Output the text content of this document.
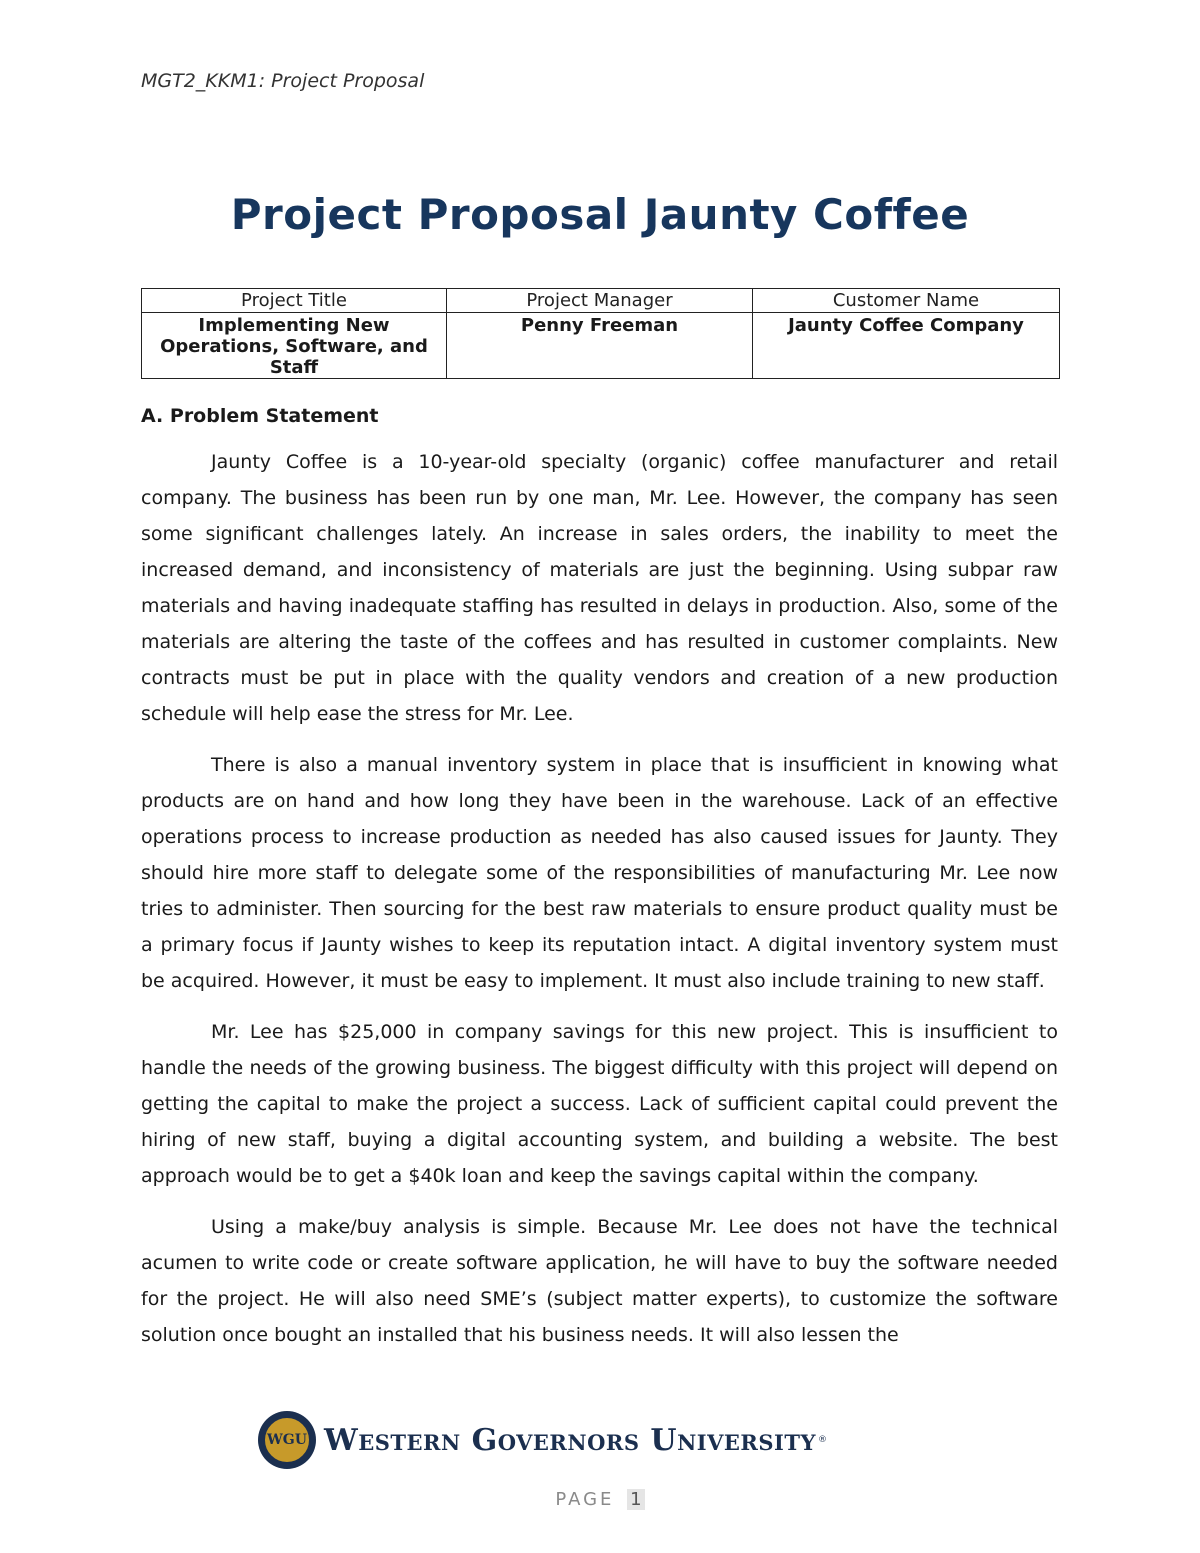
MGT2_KKM1: Project Proposal
Project Proposal Jaunty Coffee
Project Title	Project Manager	Customer Name
Implementing New Operations, Software, and Staff	Penny Freeman	Jaunty Coffee Company
A. Problem Statement

Jaunty Coffee is a 10-year-old specialty (organic) coffee manufacturer and retail company. The business has been run by one man, Mr. Lee. However, the company has seen some significant challenges lately. An increase in sales orders, the inability to meet the increased demand, and inconsistency of materials are just the beginning. Using subpar raw materials and having inadequate staffing has resulted in delays in production. Also, some of the materials are altering the taste of the coffees and has resulted in customer complaints. New contracts must be put in place with the quality vendors and creation of a new production schedule will help ease the stress for Mr. Lee.

There is also a manual inventory system in place that is insufficient in knowing what products are on hand and how long they have been in the warehouse. Lack of an effective operations process to increase production as needed has also caused issues for Jaunty. They should hire more staff to delegate some of the responsibilities of manufacturing Mr. Lee now tries to administer. Then sourcing for the best raw materials to ensure product quality must be a primary focus if Jaunty wishes to keep its reputation intact. A digital inventory system must be acquired. However, it must be easy to implement. It must also include training to new staff.

Mr. Lee has $25,000 in company savings for this new project. This is insufficient to handle the needs of the growing business. The biggest difficulty with this project will depend on getting the capital to make the project a success. Lack of sufficient capital could prevent the hiring of new staff, buying a digital accounting system, and building a website. The best approach would be to get a $40k loan and keep the savings capital within the company.

Using a make/buy analysis is simple. Because Mr. Lee does not have the technical acumen to write code or create software application, he will have to buy the software needed for the project. He will also need SME’s (subject matter experts), to customize the software solution once bought an installed that his business needs. It will also lessen the

WGU Western Governors University ®
PAGE 1
